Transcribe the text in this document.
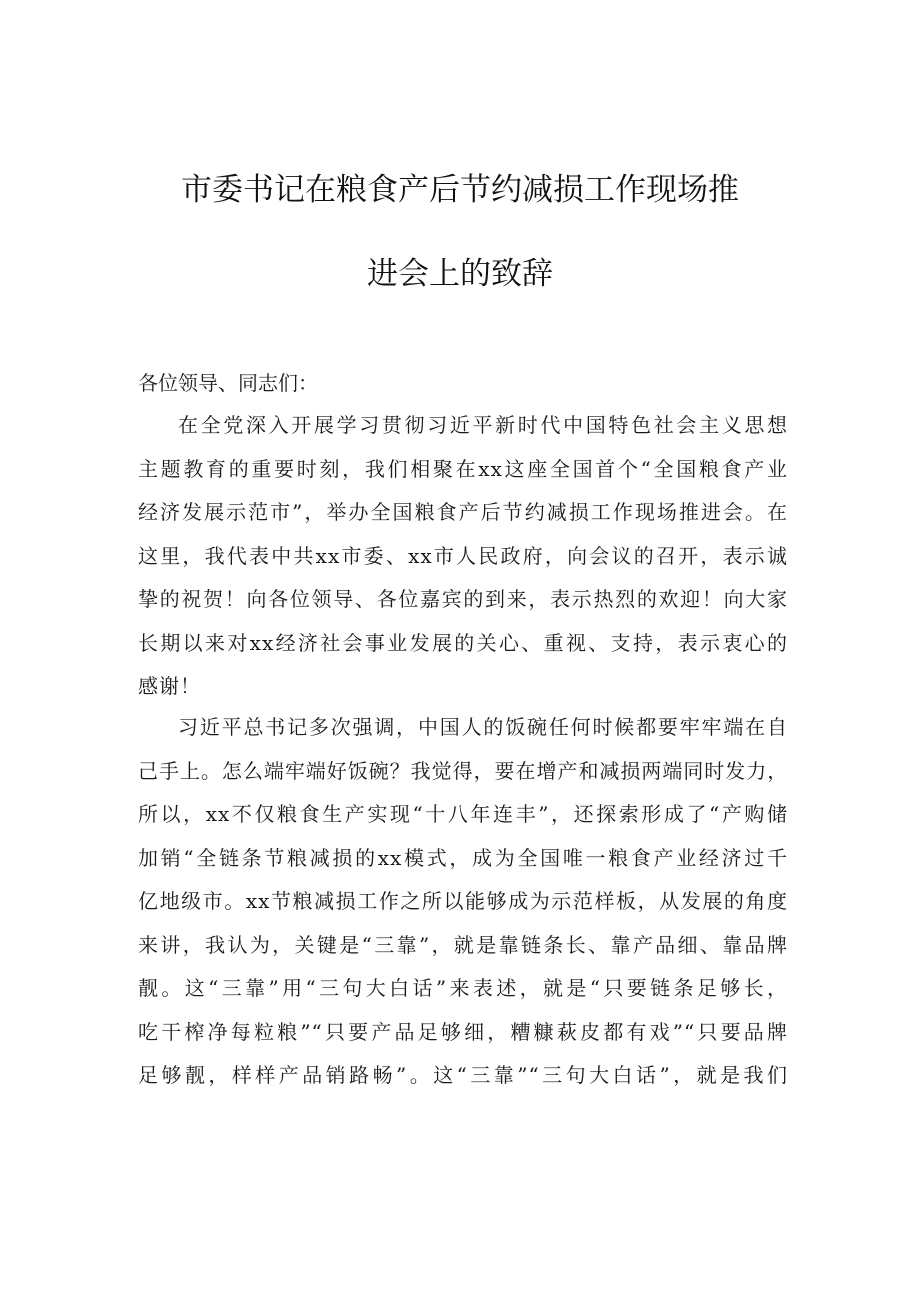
市委书记在粮食产后节约减损工作现场推
进会上的致辞
各位领导、同志们：
在全党深入开展学习贯彻习近平新时代中国特色社会主义思想
主题教育的重要时刻，我们相聚在xx这座全国首个“全国粮食产业
经济发展示范市”，举办全国粮食产后节约减损工作现场推进会。在
这里，我代表中共xx市委、xx市人民政府，向会议的召开，表示诚
挚的祝贺！向各位领导、各位嘉宾的到来，表示热烈的欢迎！向大家
长期以来对xx经济社会事业发展的关心、重视、支持，表示衷心的
感谢！
习近平总书记多次强调，中国人的饭碗任何时候都要牢牢端在自
己手上。怎么端牢端好饭碗？我觉得，要在增产和减损两端同时发力，
所以，xx不仅粮食生产实现“十八年连丰”，还探索形成了“产购储
加销“全链条节粮减损的xx模式，成为全国唯一粮食产业经济过千
亿地级市。xx节粮减损工作之所以能够成为示范样板，从发展的角度
来讲，我认为，关键是“三靠”，就是靠链条长、靠产品细、靠品牌
靓。这“三靠”用“三句大白话”来表述，就是“只要链条足够长，
吃干榨净每粒粮”“只要产品足够细，糟糠萩皮都有戏”“只要品牌
足够靓，样样产品销路畅”。这“三靠”“三句大白话”，就是我们
